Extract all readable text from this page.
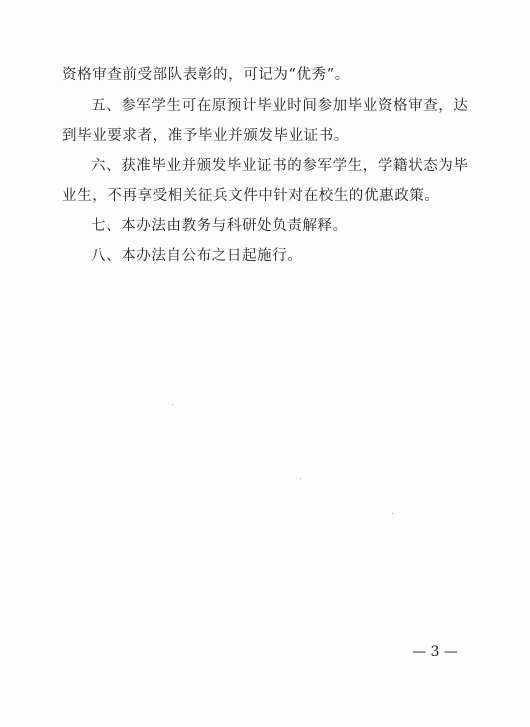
资格审查前受部队表彰的，可记为“优秀”。

五、参军学生可在原预计毕业时间参加毕业资格审查，达到毕业要求者，准予毕业并颁发毕业证书。

六、获准毕业并颁发毕业证书的参军学生，学籍状态为毕业生，不再享受相关征兵文件中针对在校生的优惠政策。

七、本办法由教务与科研处负责解释。

八、本办法自公布之日起施行。

— 3 —
